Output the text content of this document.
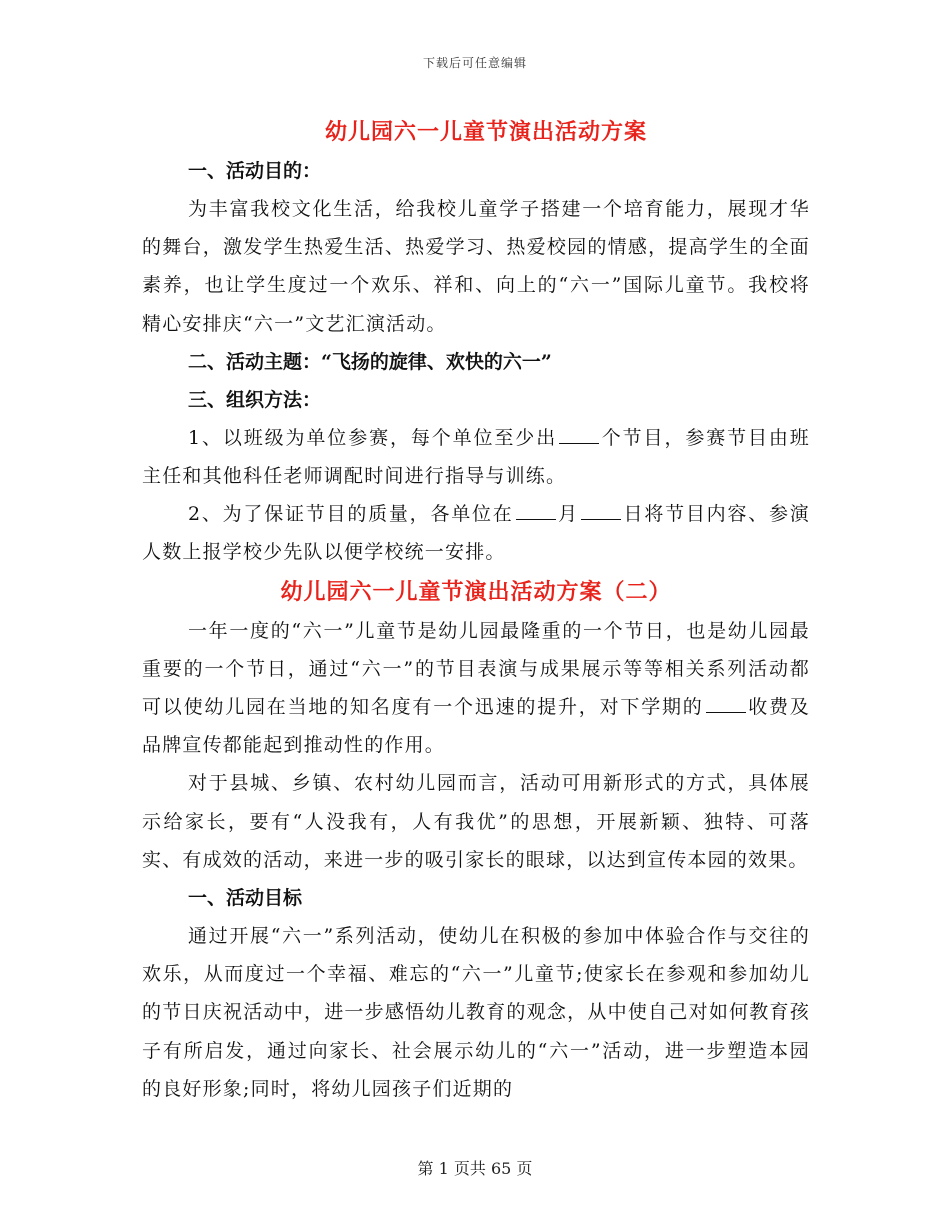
下载后可任意编辑
幼儿园六一儿童节演出活动方案
一、活动目的：

为丰富我校文化生活，给我校儿童学子搭建一个培育能力，展现才华的舞台，激发学生热爱生活、热爱学习、热爱校园的情感，提高学生的全面素养，也让学生度过一个欢乐、祥和、向上的“六一”国际儿童节。我校将精心安排庆“六一”文艺汇演活动。

二、活动主题：“飞扬的旋律、欢快的六一”
三、组织方法：

1、以班级为单位参赛，每个单位至少出 个节目，参赛节目由班主任和其他科任老师调配时间进行指导与训练。

2、为了保证节目的质量，各单位在 月 日将节目内容、参演人数上报学校少先队以便学校统一安排。

幼儿园六一儿童节演出活动方案（二）

一年一度的“六一”儿童节是幼儿园最隆重的一个节日，也是幼儿园最重要的一个节日，通过“六一”的节目表演与成果展示等等相关系列活动都可以使幼儿园在当地的知名度有一个迅速的提升，对下学期的 收费及品牌宣传都能起到推动性的作用。

对于县城、乡镇、农村幼儿园而言，活动可用新形式的方式，具体展示给家长，要有“人没我有，人有我优”的思想，开展新颖、独特、可落实、有成效的活动，来进一步的吸引家长的眼球，以达到宣传本园的效果。

一、活动目标

通过开展“六一”系列活动，使幼儿在积极的参加中体验合作与交往的欢乐，从而度过一个幸福、难忘的“六一”儿童节;使家长在参观和参加幼儿的节日庆祝活动中，进一步感悟幼儿教育的观念，从中使自己对如何教育孩子有所启发，通过向家长、社会展示幼儿的“六一”活动，进一步塑造本园的良好形象;同时，将幼儿园孩子们近期的

第 1 页共 65 页
